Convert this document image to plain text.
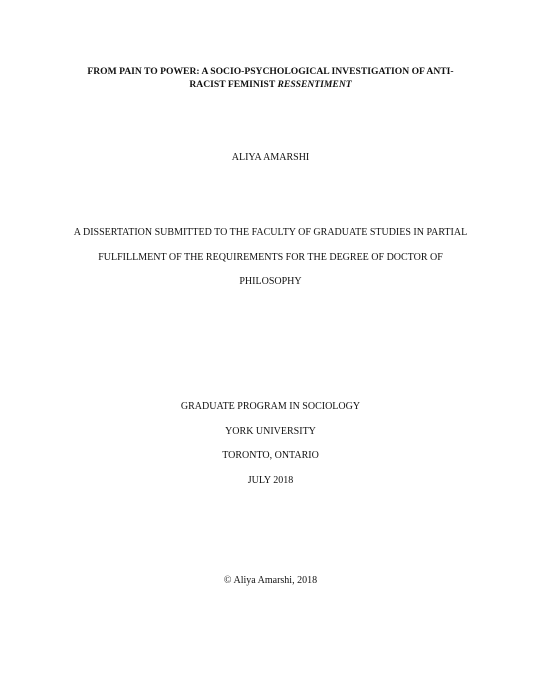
FROM PAIN TO POWER: A SOCIO-PSYCHOLOGICAL INVESTIGATION OF ANTI-
RACIST FEMINIST RESSENTIMENT
ALIYA AMARSHI
A DISSERTATION SUBMITTED TO THE FACULTY OF GRADUATE STUDIES IN PARTIAL
FULFILLMENT OF THE REQUIREMENTS FOR THE DEGREE OF DOCTOR OF
PHILOSOPHY
GRADUATE PROGRAM IN SOCIOLOGY
YORK UNIVERSITY
TORONTO, ONTARIO
JULY 2018
© Aliya Amarshi, 2018
